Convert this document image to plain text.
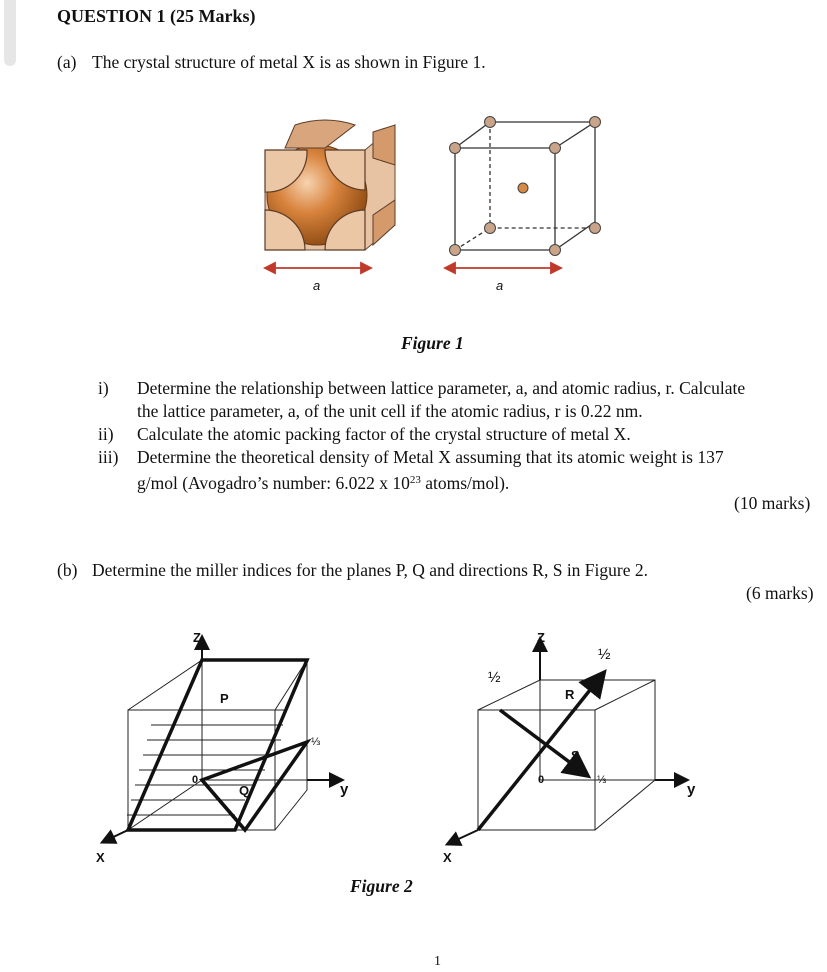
QUESTION 1 (25 Marks)
(a) The crystal structure of metal X is as shown in Figure 1.
a	a
Figure 1
i) Determine the relationship between lattice parameter, a, and atomic radius, r. Calculate
the lattice parameter, a, of the unit cell if the atomic radius, r is 0.22 nm.
ii) Calculate the atomic packing factor of the crystal structure of metal X.
iii) Determine the theoretical density of Metal X assuming that its atomic weight is 137
g/mol (Avogadro’s number: 6.022 x $10^{23}$ atoms/mol).
(10 marks)
(b) Determine the miller indices for the planes P, Q and directions R, S in Figure 2.
(6 marks)
Z
P
⅓
0
Q	y
X
Z
½
½
R
S
0	⅓
y
X
Figure 2
1
